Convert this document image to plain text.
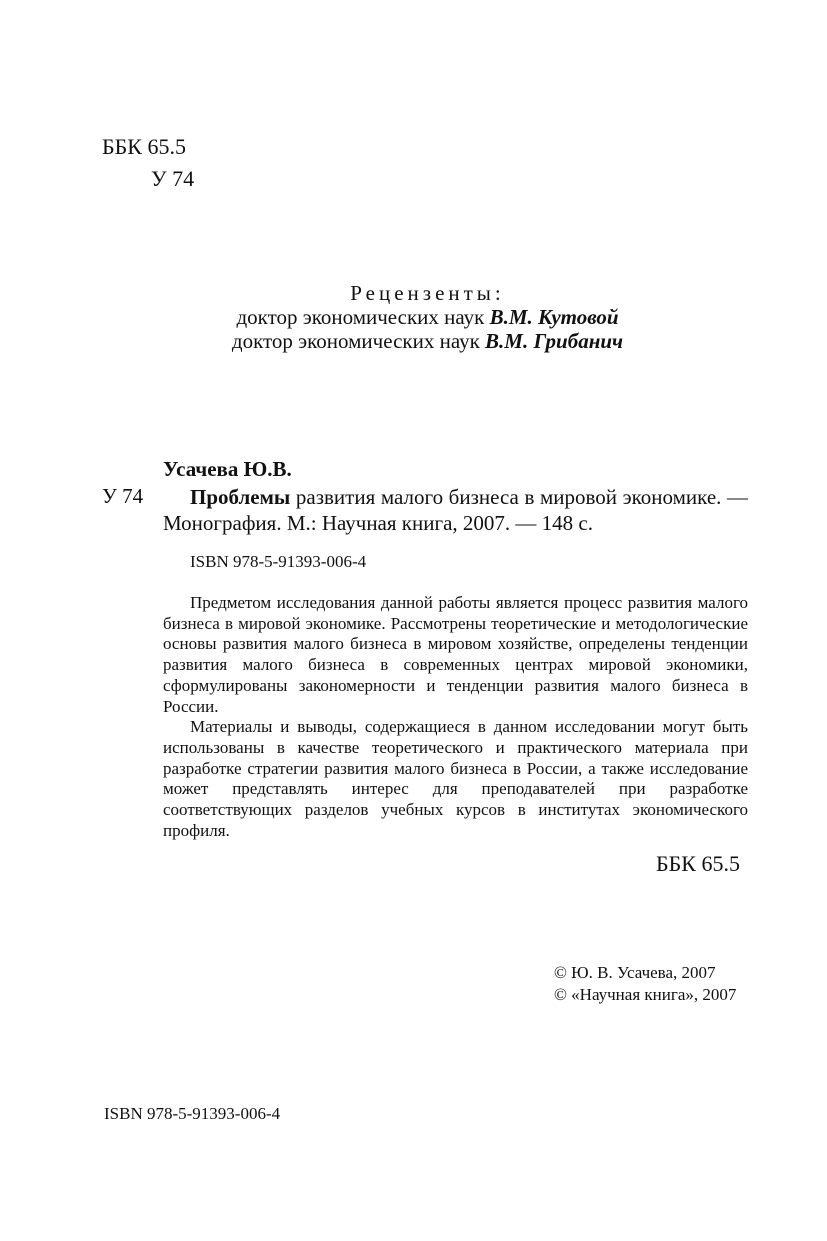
ББК 65.5
У 74
Рецензенты:
доктор экономических наук В.М. Кутовой
доктор экономических наук В.М. Грибанич
Усачева Ю.В.
У 74	Проблемы развития малого бизнеса в мировой экономике. — Монография. М.: Научная книга, 2007. — 148 с.
ISBN 978-5-91393-006-4

Предметом исследования данной работы является процесс развития малого бизнеса в мировой экономике. Рассмотрены теоретические и методологические основы развития малого бизнеса в мировом хозяйстве, определены тенденции развития малого бизнеса в современных центрах мировой экономики, сформулированы закономерности и тенденции развития малого бизнеса в России.

Материалы и выводы, содержащиеся в данном исследовании могут быть использованы в качестве теоретического и практического материала при разработке стратегии развития малого бизнеса в России, а также исследование может представлять интерес для преподавателей при разработке соответствующих разделов учебных курсов в институтах экономического профиля.

ББК 65.5
© Ю. В. Усачева, 2007
© «Научная книга», 2007
ISBN 978-5-91393-006-4
